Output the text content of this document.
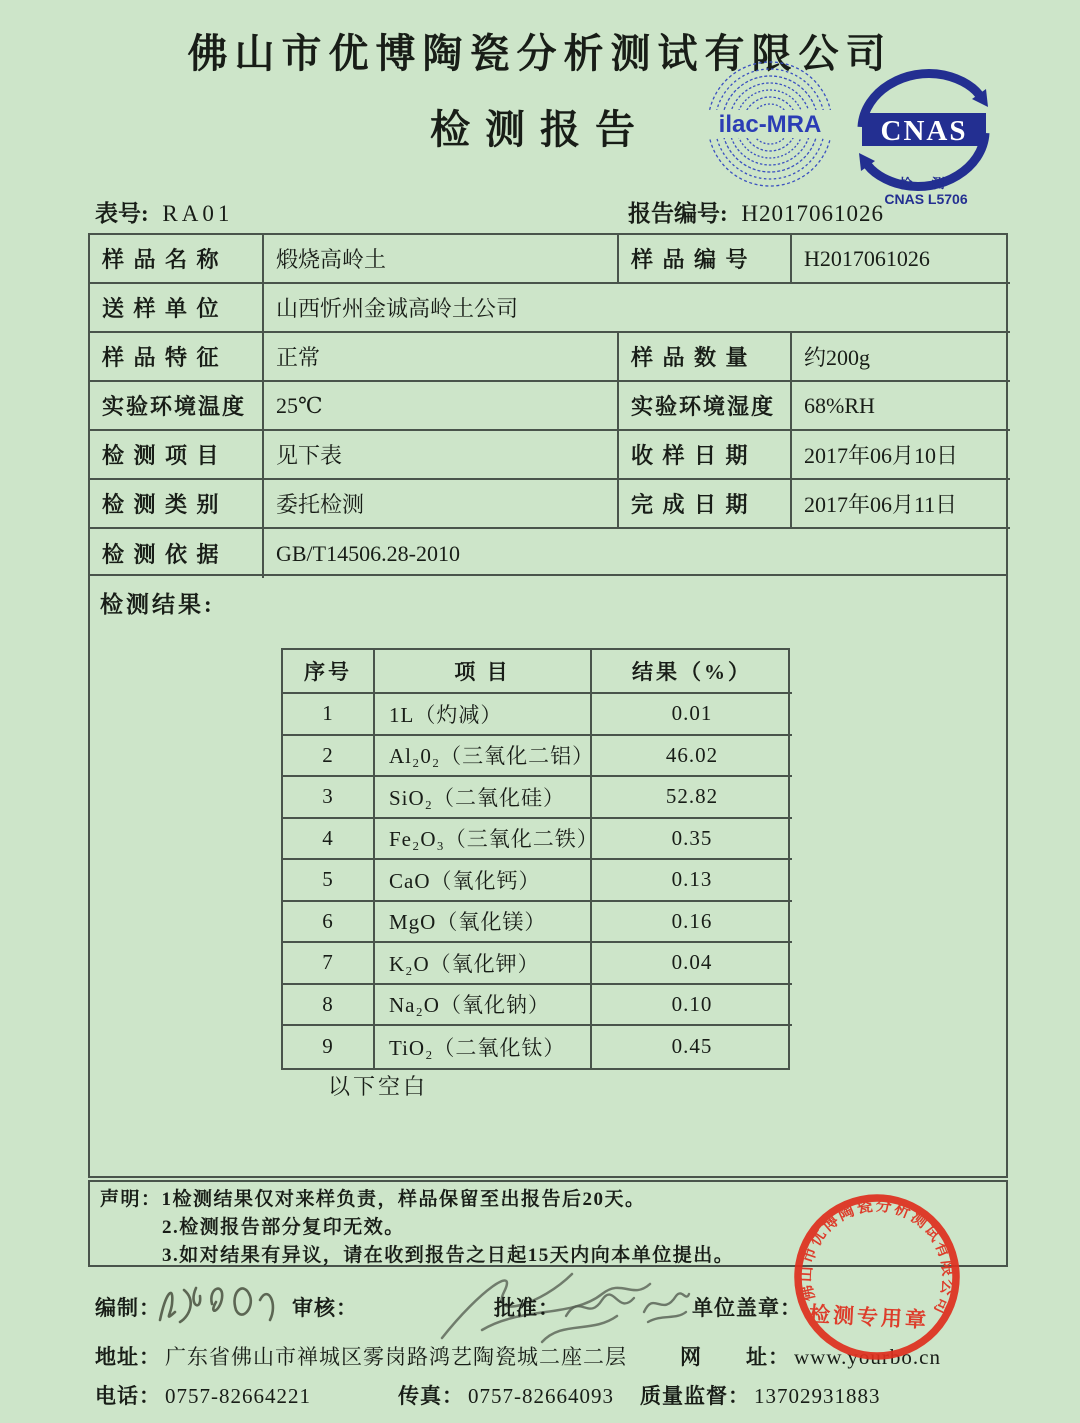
佛山市优博陶瓷分析测试有限公司
检测报告	ilac-MRA CNAS
检 测
CNAS L5706
表号: RA01	报告编号: H2017061026
样 品 名 称	煅烧高岭土	样 品 编 号	H2017061026
送 样 单 位	山西忻州金诚高岭土公司
样 品 特 征	正常	样 品 数 量	约200g
实验环境温度	25℃	实验环境湿度	68%RH
检 测 项 目	见下表	收 样 日 期	2017年06月10日
检 测 类 别	委托检测	完 成 日 期	2017年06月11日
检 测 依 据	GB/T14506.28-2010
检测结果:
序号	项 目	结果（%）
1	1L（灼减）	0.01
2	Al₂0₂（三氧化二铝）	46.02
3	SiO₂（二氧化硅）	52.82
4	Fe₂O₃（三氧化二铁）	0.35
5	CaO（氧化钙）	0.13
6	MgO（氧化镁）	0.16
7	K₂O（氧化钾）	0.04
8	Na₂O（氧化钠）	0.10
9	TiO₂（二氧化钛）	0.45
以下空白
声明：1检测结果仅对来样负责，样品保留至出报告后20天。
2.检测报告部分复印无效。
3.如对结果有异议，请在收到报告之日起15天内向本单位提出。
编制：	审核：	批准：	单位盖章：
地址： 广东省佛山市禅城区雾岗路鸿艺陶瓷城二座二层	网　　址： www.yourbo.cn
电话： 0757-82664221	传真： 0757-82664093 质量监督： 13702931883
佛山市优博陶瓷分析测试有限公司
检测专用章
